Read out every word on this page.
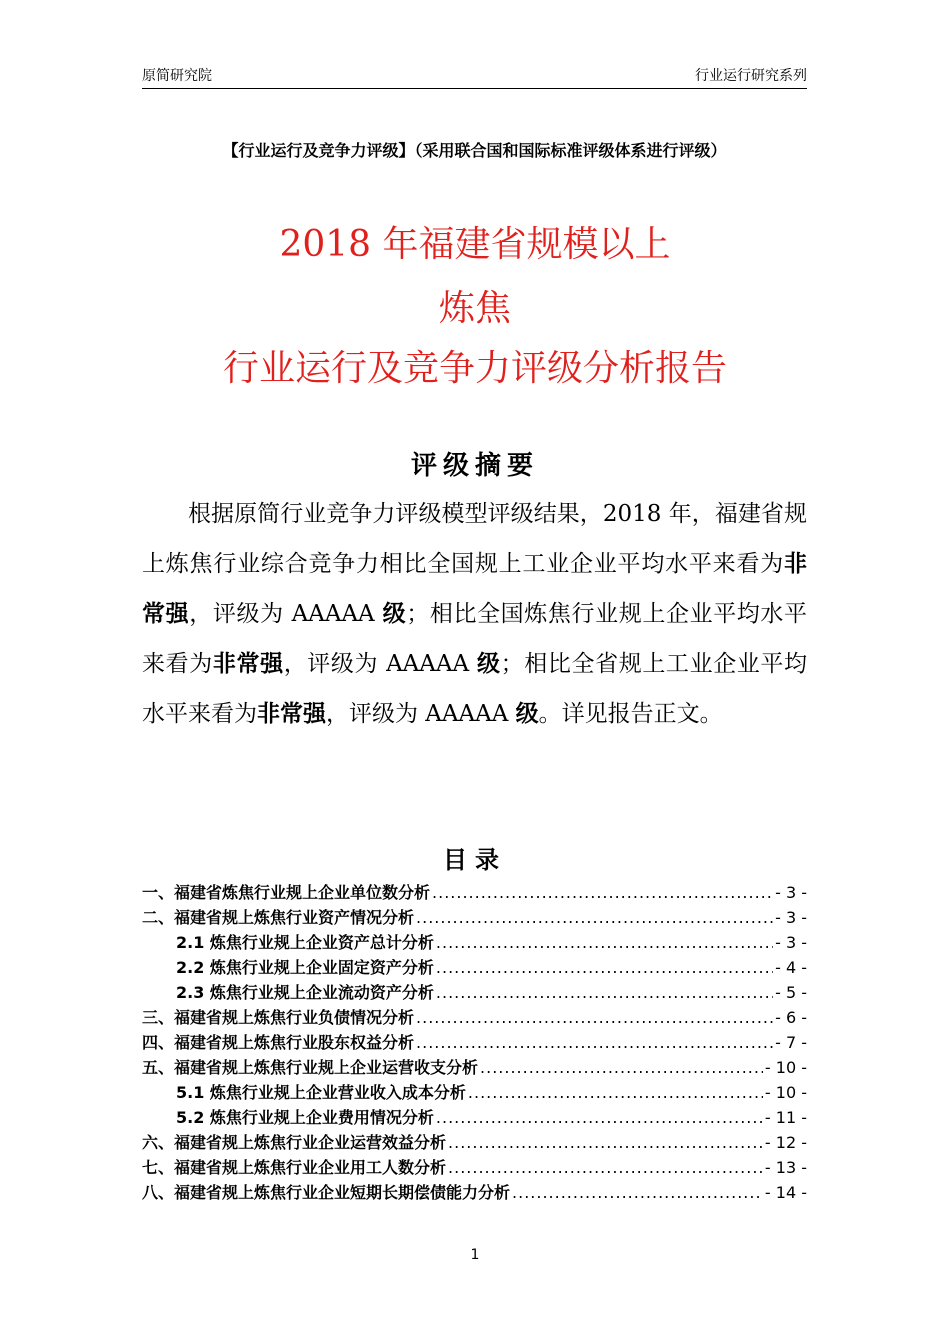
原简研究院	行业运行研究系列
【行业运行及竞争力评级】（采用联合国和国际标准评级体系进行评级）
2018 年福建省规模以上
炼焦
行业运行及竞争力评级分析报告
评级摘要
根据原简行业竞争力评级模型评级结果，2018 年，福建省规上炼焦行业综合竞争力相比全国规上工业企业平均水平来看为非常强，评级为 AAAAA 级；相比全国炼焦行业规上企业平均水平来看为非常强，评级为 AAAAA 级；相比全省规上工业企业平均水平来看为非常强，评级为 AAAAA 级。详见报告正文。
目录
一、福建省炼焦行业规上企业单位数分析 .....	- 3 -
二、福建省规上炼焦行业资产情况分析 .....	- 3 -
2.1 炼焦行业规上企业资产总计分析 .....	- 3 -
2.2 炼焦行业规上企业固定资产分析 .....	- 4 -
2.3 炼焦行业规上企业流动资产分析 .....	- 5 -
三、福建省规上炼焦行业负债情况分析 .....	- 6 -
四、福建省规上炼焦行业股东权益分析 .....	- 7 -
五、福建省规上炼焦行业规上企业运营收支分析 .....	- 10 -
5.1 炼焦行业规上企业营业收入成本分析 .....	- 10 -
5.2 炼焦行业规上企业费用情况分析 .....	- 11 -
六、福建省规上炼焦行业企业运营效益分析 .....	- 12 -
七、福建省规上炼焦行业企业用工人数分析 .....	- 13 -
八、福建省规上炼焦行业企业短期长期偿债能力分析 .....	- 14 -
1
